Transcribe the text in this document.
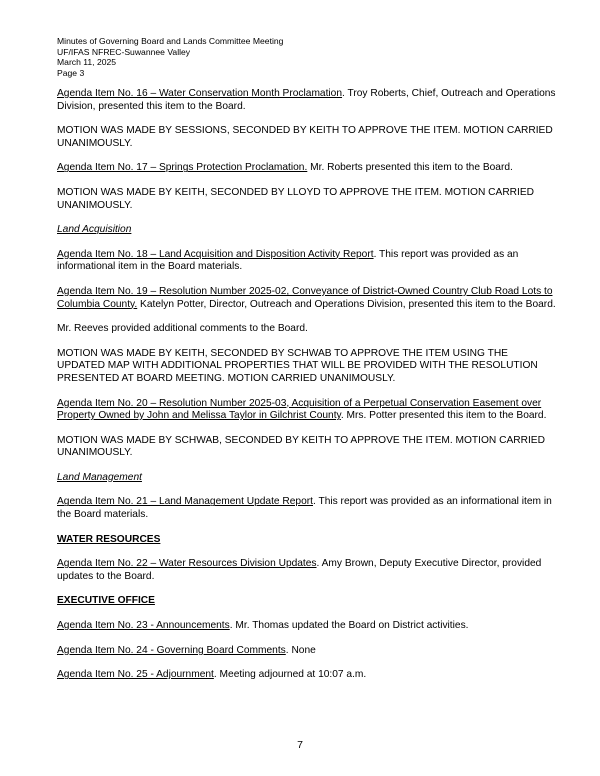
Minutes of Governing Board and Lands Committee Meeting
UF/IFAS NFREC-Suwannee Valley
March 11, 2025
Page 3

Agenda Item No. 16 – Water Conservation Month Proclamation. Troy Roberts, Chief, Outreach and Operations Division, presented this item to the Board.

MOTION WAS MADE BY SESSIONS, SECONDED BY KEITH TO APPROVE THE ITEM. MOTION CARRIED UNANIMOUSLY.

Agenda Item No. 17 – Springs Protection Proclamation. Mr. Roberts presented this item to the Board.

MOTION WAS MADE BY KEITH, SECONDED BY LLOYD TO APPROVE THE ITEM. MOTION CARRIED UNANIMOUSLY.

Land Acquisition

Agenda Item No. 18 – Land Acquisition and Disposition Activity Report. This report was provided as an informational item in the Board materials.

Agenda Item No. 19 – Resolution Number 2025-02, Conveyance of District-Owned Country Club Road Lots to Columbia County. Katelyn Potter, Director, Outreach and Operations Division, presented this item to the Board.

Mr. Reeves provided additional comments to the Board.

MOTION WAS MADE BY KEITH, SECONDED BY SCHWAB TO APPROVE THE ITEM USING THE UPDATED MAP WITH ADDITIONAL PROPERTIES THAT WILL BE PROVIDED WITH THE RESOLUTION PRESENTED AT BOARD MEETING. MOTION CARRIED UNANIMOUSLY.

Agenda Item No. 20 – Resolution Number 2025-03, Acquisition of a Perpetual Conservation Easement over Property Owned by John and Melissa Taylor in Gilchrist County. Mrs. Potter presented this item to the Board.

MOTION WAS MADE BY SCHWAB, SECONDED BY KEITH TO APPROVE THE ITEM. MOTION CARRIED UNANIMOUSLY.

Land Management

Agenda Item No. 21 – Land Management Update Report. This report was provided as an informational item in the Board materials.

WATER RESOURCES

Agenda Item No. 22 – Water Resources Division Updates. Amy Brown, Deputy Executive Director, provided updates to the Board.

EXECUTIVE OFFICE

Agenda Item No. 23 - Announcements. Mr. Thomas updated the Board on District activities.

Agenda Item No. 24 - Governing Board Comments. None

Agenda Item No. 25 - Adjournment. Meeting adjourned at 10:07 a.m.

7
